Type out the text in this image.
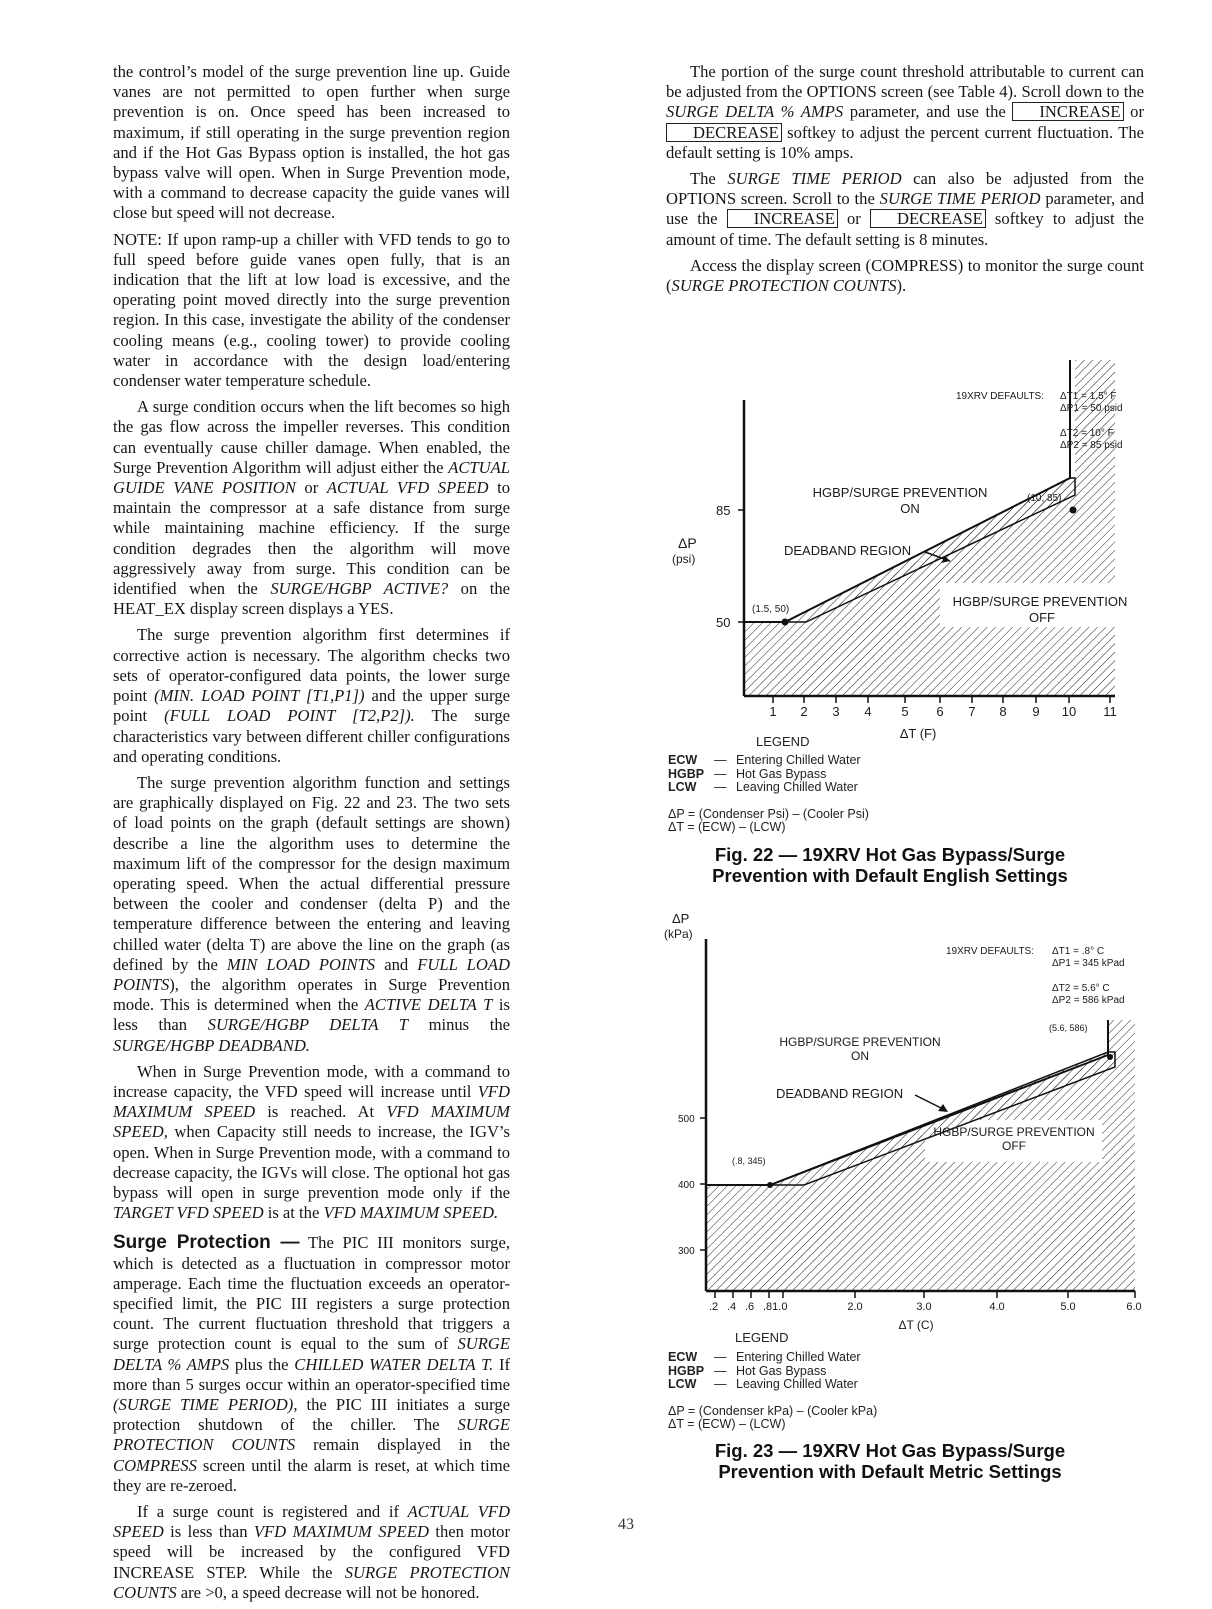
the control’s model of the surge prevention line up. Guide vanes are not permitted to open further when surge prevention is on. Once speed has been increased to maximum, if still operating in the surge prevention region and if the Hot Gas Bypass option is installed, the hot gas bypass valve will open. When in Surge Prevention mode, with a command to decrease capacity the guide vanes will close but speed will not decrease.

NOTE: If upon ramp-up a chiller with VFD tends to go to full speed before guide vanes open fully, that is an indication that the lift at low load is excessive, and the operating point moved directly into the surge prevention region. In this case, investigate the ability of the condenser cooling means (e.g., cooling tower) to provide cooling water in accordance with the design load/entering condenser water temperature schedule.

A surge condition occurs when the lift becomes so high the gas flow across the impeller reverses. This condition can eventually cause chiller damage. When enabled, the Surge Prevention Algorithm will adjust either the ACTUAL GUIDE VANE POSITION or ACTUAL VFD SPEED to maintain the compressor at a safe distance from surge while maintaining machine efficiency. If the surge condition degrades then the algorithm will move aggressively away from surge. This condition can be identified when the SURGE/HGBP ACTIVE? on the HEAT_EX display screen displays a YES.

The surge prevention algorithm first determines if corrective action is necessary. The algorithm checks two sets of operator-configured data points, the lower surge point (MIN. LOAD POINT [T1,P1]) and the upper surge point (FULL LOAD POINT [T2,P2]). The surge characteristics vary between different chiller configurations and operating conditions.

The surge prevention algorithm function and settings are graphically displayed on Fig. 22 and 23. The two sets of load points on the graph (default settings are shown) describe a line the algorithm uses to determine the maximum lift of the compressor for the design maximum operating speed. When the actual differential pressure between the cooler and condenser (delta P) and the temperature difference between the entering and leaving chilled water (delta T) are above the line on the graph (as defined by the MIN LOAD POINTS and FULL LOAD POINTS), the algorithm operates in Surge Prevention mode. This is determined when the ACTIVE DELTA T is less than SURGE/HGBP DELTA T minus the SURGE/HGBP DEADBAND.

When in Surge Prevention mode, with a command to increase capacity, the VFD speed will increase until VFD MAXIMUM SPEED is reached. At VFD MAXIMUM SPEED, when Capacity still needs to increase, the IGV’s open. When in Surge Prevention mode, with a command to decrease capacity, the IGVs will close. The optional hot gas bypass will open in surge prevention mode only if the TARGET VFD SPEED is at the VFD MAXIMUM SPEED.

Surge Protection — The PIC III monitors surge, which is detected as a fluctuation in compressor motor amperage. Each time the fluctuation exceeds an operator-specified limit, the PIC III registers a surge protection count. The current fluctuation threshold that triggers a surge protection count is equal to the sum of SURGE DELTA % AMPS plus the CHILLED WATER DELTA T. If more than 5 surges occur within an operator-specified time (SURGE TIME PERIOD), the PIC III initiates a surge protection shutdown of the chiller. The SURGE PROTECTION COUNTS remain displayed in the COMPRESS screen until the alarm is reset, at which time they are re-zeroed.

If a surge count is registered and if ACTUAL VFD SPEED is less than VFD MAXIMUM SPEED then motor speed will be increased by the configured VFD INCREASE STEP. While the SURGE PROTECTION COUNTS are >0, a speed decrease will not be honored.

The portion of the surge count threshold attributable to current can be adjusted from the OPTIONS screen (see Table 4). Scroll down to the SURGE DELTA % AMPS parameter, and use the INCREASE or DECREASE softkey to adjust the percent current fluctuation. The default setting is 10% amps.

The SURGE TIME PERIOD can also be adjusted from the OPTIONS screen. Scroll to the SURGE TIME PERIOD parameter, and use the INCREASE or DECREASE softkey to adjust the amount of time. The default setting is 8 minutes.

Access the display screen (COMPRESS) to monitor the surge count (SURGE PROTECTION COUNTS).

85
50
ΔP
(psi)
1 2 3 4 5 6 7 8 9 10 11
(1.5, 50)
(10, 85)
19XRV DEFAULTS: ΔT1 = 1.5° F
ΔP1 = 50 psid
ΔT2 = 10° F
ΔP2 = 85 psid
HGBP/SURGE PREVENTION
ON
DEADBAND REGION
HGBP/SURGE PREVENTION
OFF
ΔT (F)
LEGEND
ECW — Entering Chilled Water
HGBP — Hot Gas Bypass
LCW — Leaving Chilled Water
ΔP = (Condenser Psi) – (Cooler Psi)
ΔT = (ECW) – (LCW)
Fig. 22 — 19XRV Hot Gas Bypass/Surge
Prevention with Default English Settings
500
400
300
ΔP
(kPa)
.2 .4 .6 .81.0	2.0	3.0	4.0	5.0	6.0
(.8, 345)
(5.6, 586)
19XRV DEFAULTS: ΔT1 = .8° C
ΔP1 = 345 kPad
ΔT2 = 5.6° C
ΔP2 = 586 kPad
HGBP/SURGE PREVENTION
ON
DEADBAND REGION
HGBP/SURGE PREVENTION
OFF
ΔT (C)
LEGEND
ECW — Entering Chilled Water
HGBP — Hot Gas Bypass
LCW — Leaving Chilled Water
ΔP = (Condenser kPa) – (Cooler kPa)
ΔT = (ECW) – (LCW)
Fig. 23 — 19XRV Hot Gas Bypass/Surge
Prevention with Default Metric Settings
43
